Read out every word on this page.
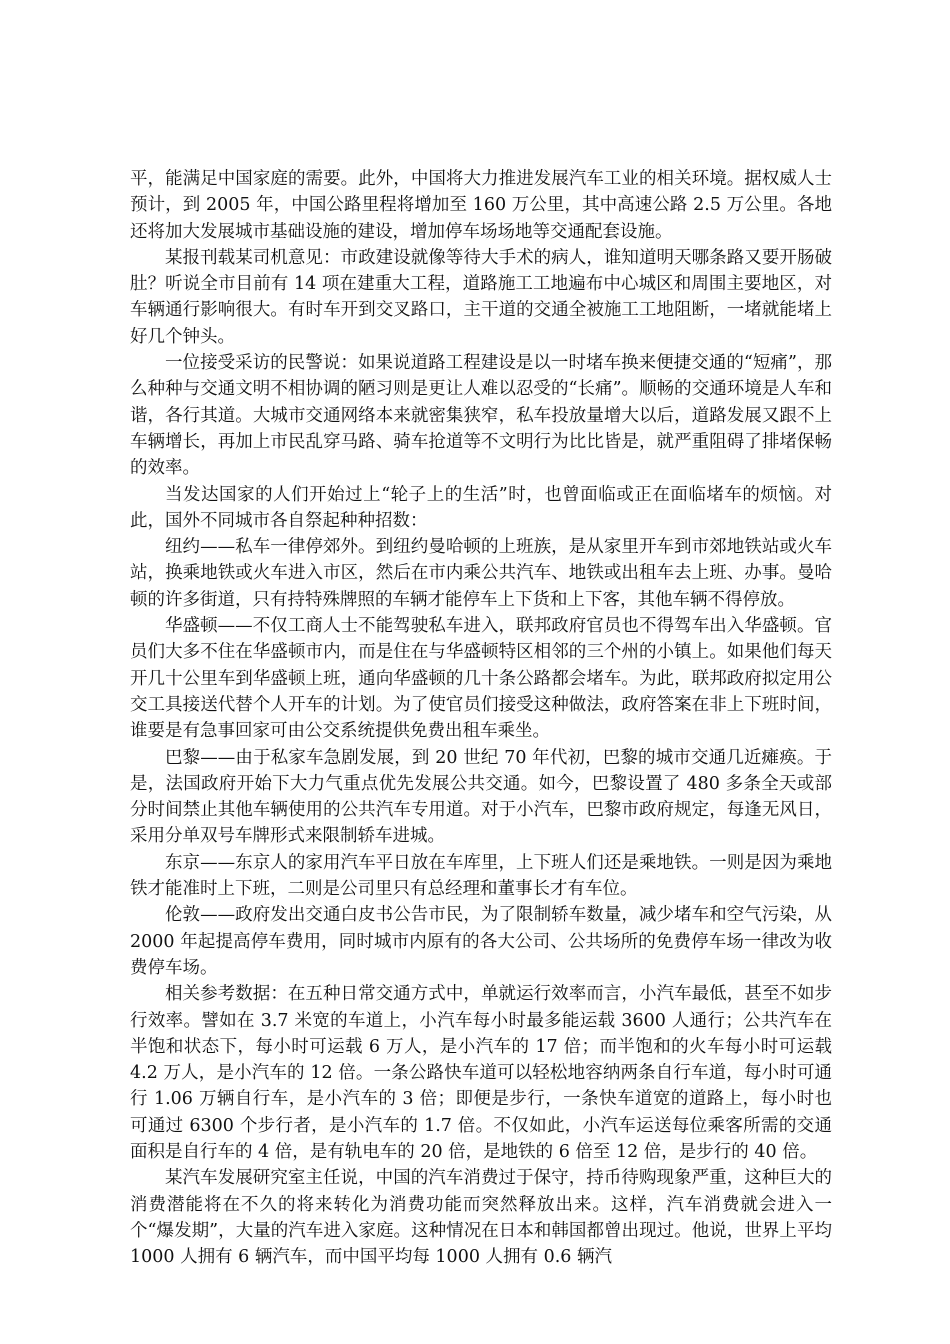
平，能满足中国家庭的需要。此外，中国将大力推进发展汽车工业的相关环境。据权威人士预计，到 2005 年，中国公路里程将增加至 160 万公里，其中高速公路 2.5 万公里。各地还将加大发展城市基础设施的建设，增加停车场场地等交通配套设施。

某报刊载某司机意见：市政建设就像等待大手术的病人，谁知道明天哪条路又要开肠破肚？听说全市目前有 14 项在建重大工程，道路施工工地遍布中心城区和周围主要地区，对车辆通行影响很大。有时车开到交叉路口，主干道的交通全被施工工地阻断，一堵就能堵上好几个钟头。

一位接受采访的民警说：如果说道路工程建设是以一时堵车换来便捷交通的“短痛”，那么种种与交通文明不相协调的陋习则是更让人难以忍受的“长痛”。顺畅的交通环境是人车和谐，各行其道。大城市交通网络本来就密集狭窄，私车投放量增大以后，道路发展又跟不上车辆增长，再加上市民乱穿马路、骑车抢道等不文明行为比比皆是，就严重阻碍了排堵保畅的效率。

当发达国家的人们开始过上“轮子上的生活”时，也曾面临或正在面临堵车的烦恼。对此，国外不同城市各自祭起种种招数：

纽约——私车一律停郊外。到纽约曼哈顿的上班族，是从家里开车到市郊地铁站或火车站，换乘地铁或火车进入市区，然后在市内乘公共汽车、地铁或出租车去上班、办事。曼哈顿的许多街道，只有持特殊牌照的车辆才能停车上下货和上下客，其他车辆不得停放。

华盛顿——不仅工商人士不能驾驶私车进入，联邦政府官员也不得驾车出入华盛顿。官员们大多不住在华盛顿市内，而是住在与华盛顿特区相邻的三个州的小镇上。如果他们每天开几十公里车到华盛顿上班，通向华盛顿的几十条公路都会堵车。为此，联邦政府拟定用公交工具接送代替个人开车的计划。为了使官员们接受这种做法，政府答案在非上下班时间，谁要是有急事回家可由公交系统提供免费出租车乘坐。

巴黎——由于私家车急剧发展，到 20 世纪 70 年代初，巴黎的城市交通几近瘫痪。于是，法国政府开始下大力气重点优先发展公共交通。如今，巴黎设置了 480 多条全天或部分时间禁止其他车辆使用的公共汽车专用道。对于小汽车，巴黎市政府规定，每逢无风日，采用分单双号车牌形式来限制轿车进城。

东京——东京人的家用汽车平日放在车库里，上下班人们还是乘地铁。一则是因为乘地铁才能准时上下班，二则是公司里只有总经理和董事长才有车位。

伦敦——政府发出交通白皮书公告市民，为了限制轿车数量，减少堵车和空气污染，从 2000 年起提高停车费用，同时城市内原有的各大公司、公共场所的免费停车场一律改为收费停车场。

相关参考数据：在五种日常交通方式中，单就运行效率而言，小汽车最低，甚至不如步行效率。譬如在 3.7 米宽的车道上，小汽车每小时最多能运载 3600 人通行；公共汽车在半饱和状态下，每小时可运载 6 万人，是小汽车的 17 倍；而半饱和的火车每小时可运载 4.2 万人，是小汽车的 12 倍。一条公路快车道可以轻松地容纳两条自行车道，每小时可通行 1.06 万辆自行车，是小汽车的 3 倍；即便是步行，一条快车道宽的道路上，每小时也可通过 6300 个步行者，是小汽车的 1.7 倍。不仅如此，小汽车运送每位乘客所需的交通面积是自行车的 4 倍，是有轨电车的 20 倍，是地铁的 6 倍至 12 倍，是步行的 40 倍。

某汽车发展研究室主任说，中国的汽车消费过于保守，持币待购现象严重，这种巨大的消费潜能将在不久的将来转化为消费功能而突然释放出来。这样，汽车消费就会进入一个“爆发期”，大量的汽车进入家庭。这种情况在日本和韩国都曾出现过。他说，世界上平均 1000 人拥有 6 辆汽车，而中国平均每 1000 人拥有 0.6 辆汽
